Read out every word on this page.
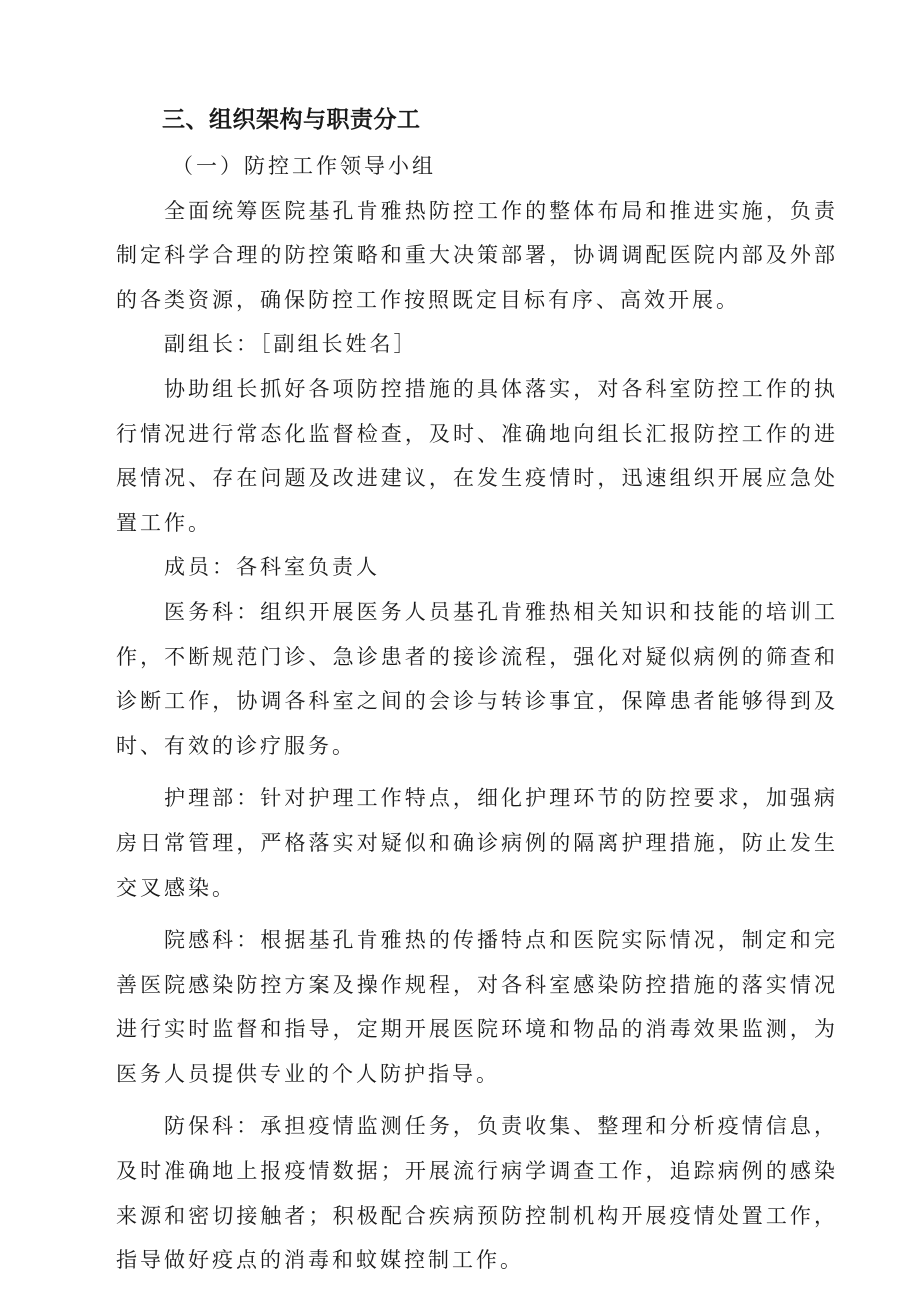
三、组织架构与职责分工

（一）防控工作领导小组

全面统筹医院基孔肯雅热防控工作的整体布局和推进实施，负责制定科学合理的防控策略和重大决策部署，协调调配医院内部及外部的各类资源，确保防控工作按照既定目标有序、高效开展。

副组长：［副组长姓名］

协助组长抓好各项防控措施的具体落实，对各科室防控工作的执行情况进行常态化监督检查，及时、准确地向组长汇报防控工作的进展情况、存在问题及改进建议，在发生疫情时，迅速组织开展应急处置工作。

成员：各科室负责人

医务科：组织开展医务人员基孔肯雅热相关知识和技能的培训工作，不断规范门诊、急诊患者的接诊流程，强化对疑似病例的筛查和诊断工作，协调各科室之间的会诊与转诊事宜，保障患者能够得到及时、有效的诊疗服务。

护理部：针对护理工作特点，细化护理环节的防控要求，加强病房日常管理，严格落实对疑似和确诊病例的隔离护理措施，防止发生交叉感染。

院感科：根据基孔肯雅热的传播特点和医院实际情况，制定和完善医院感染防控方案及操作规程，对各科室感染防控措施的落实情况进行实时监督和指导，定期开展医院环境和物品的消毒效果监测，为医务人员提供专业的个人防护指导。

防保科：承担疫情监测任务，负责收集、整理和分析疫情信息，及时准确地上报疫情数据；开展流行病学调查工作，追踪病例的感染来源和密切接触者；积极配合疾病预防控制机构开展疫情处置工作，指导做好疫点的消毒和蚊媒控制工作。
